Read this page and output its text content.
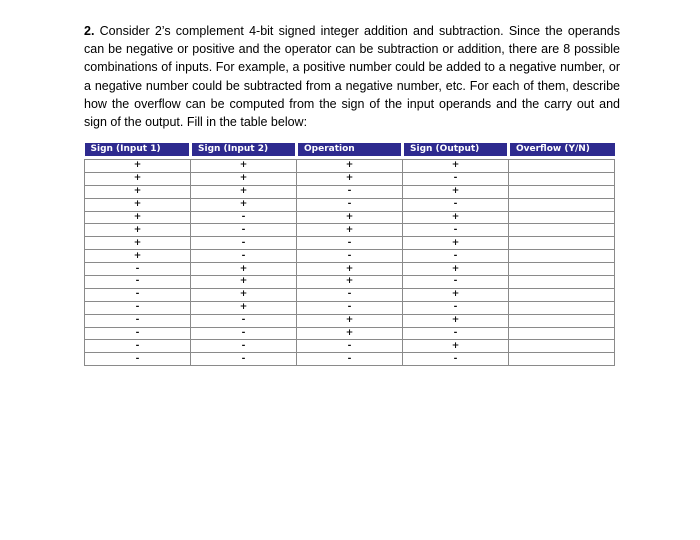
2. Consider 2’s complement 4-bit signed integer addition and subtraction. Since the operands can be negative or positive and the operator can be subtraction or addition, there are 8 possible combinations of inputs. For example, a positive number could be added to a negative number, or a negative number could be subtracted from a negative number, etc. For each of them, describe how the overflow can be computed from the sign of the input operands and the carry out and sign of the output. Fill in the table below:

Sign (Input 1)	Sign (Input 2)	Operation	Sign (Output)	Overflow (Y/N)

+	+	+	+	
+	+	+	-	
+	+	-	+	
+	+	-	-	
+	-	+	+	
+	-	+	-	
+	-	-	+	
+	-	-	-	
-	+	+	+	
-	+	+	-	
-	+	-	+	
-	+	-	-	
-	-	+	+	
-	-	+	-	
-	-	-	+	
-	-	-	-	
